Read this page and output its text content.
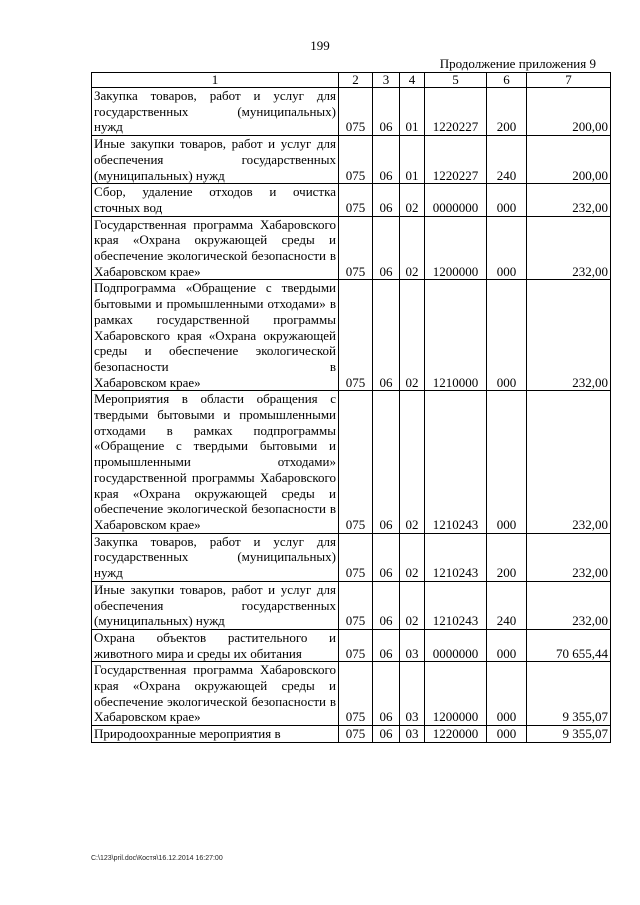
199
Продолжение приложения 9
1	2	3	4	5	6	7
Закупка товаров, работ и услуг для государственных (муниципальных)
нужд	075	06	01	1220227	200	200,00
Иные закупки товаров, работ и услуг для обеспечения государственных
(муниципальных) нужд	075	06	01	1220227	240	200,00
Сбор, удаление отходов и очистка
сточных вод	075	06	02	0000000	000	232,00
Государственная программа Хабаровского края «Охрана окружающей среды и обеспечение экологической безопасности в
Хабаровском крае»	075	06	02	1200000	000	232,00
Подпрограмма «Обращение с твердыми бытовыми и промышленными отходами» в рамках государственной программы Хабаровского края «Охрана окружающей среды и обеспечение экологической безопасности в
Хабаровском крае»	075	06	02	1210000	000	232,00
Мероприятия в области обращения с твердыми бытовыми и промышленными отходами в рамках подпрограммы «Обращение с твердыми бытовыми и промышленными отходами» государственной программы Хабаровского края «Охрана окружающей среды и обеспечение экологической безопасности в
Хабаровском крае»	075	06	02	1210243	000	232,00
Закупка товаров, работ и услуг для государственных (муниципальных)
нужд	075	06	02	1210243	200	232,00
Иные закупки товаров, работ и услуг для обеспечения государственных
(муниципальных) нужд	075	06	02	1210243	240	232,00
Охрана объектов растительного и
животного мира и среды их обитания	075	06	03	0000000	000	70 655,44
Государственная программа Хабаровского края «Охрана окружающей среды и обеспечение экологической безопасности в
Хабаровском крае»	075	06	03	1200000	000	9 355,07

Природоохранные мероприятия в	075	06	03	1220000	000	9 355,07
C:\123\pril.doc\Костя\16.12.2014 16:27:00
